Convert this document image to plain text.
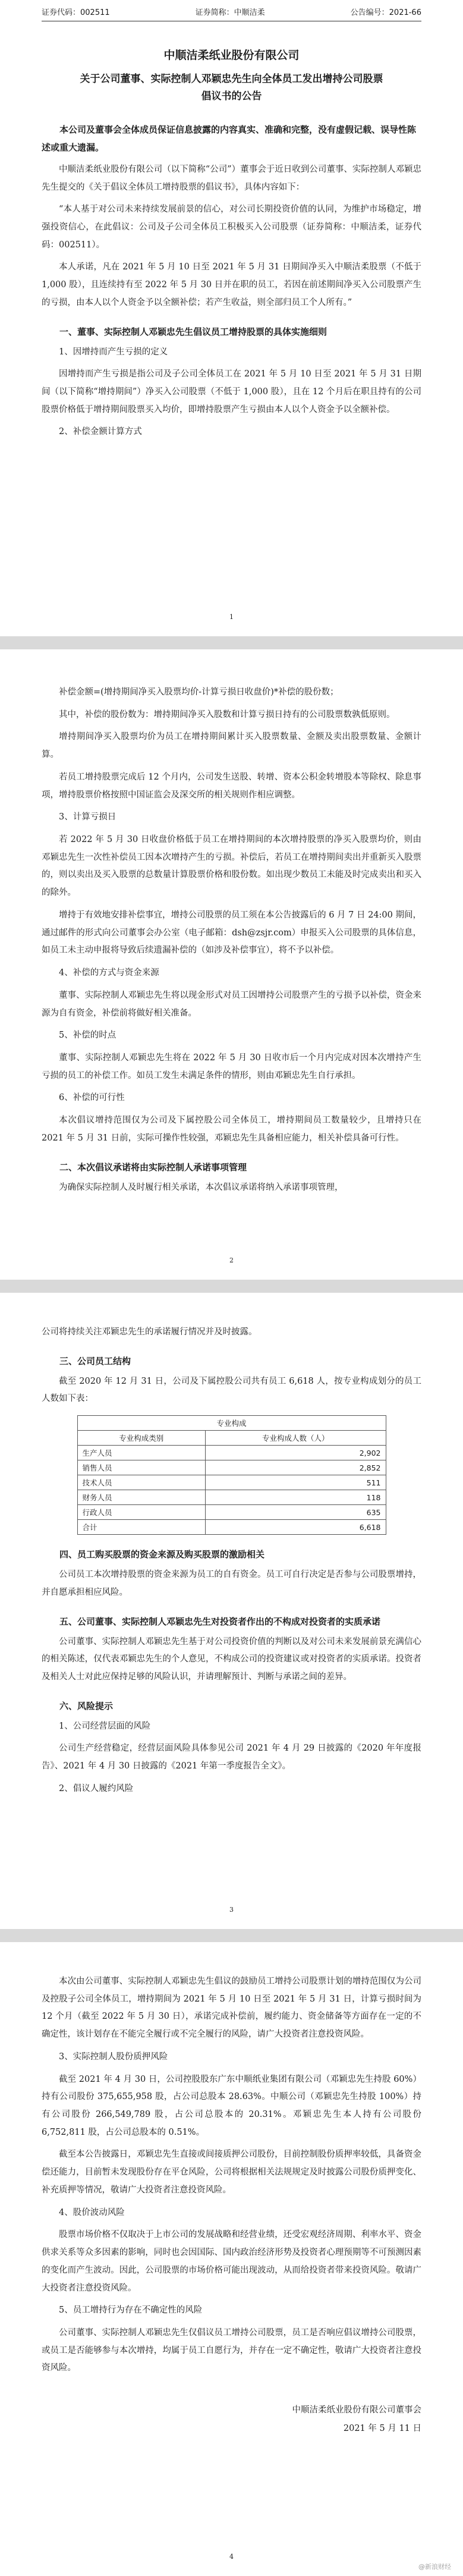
证券代码：002511	证券简称：中顺洁柔	公告编号：2021-66
中顺洁柔纸业股份有限公司
关于公司董事、实际控制人邓颖忠先生向全体员工发出增持公司股票
倡议书的公告
本公司及董事会全体成员保证信息披露的内容真实、准确和完整，没有虚假记载、误导性陈述或重大遗漏。

中顺洁柔纸业股份有限公司（以下简称“公司”）董事会于近日收到公司董事、实际控制人邓颖忠先生提交的《关于倡议全体员工增持股票的倡议书》，具体内容如下：

“本人基于对公司未来持续发展前景的信心，对公司长期投资价值的认同，为维护市场稳定，增强投资信心，在此倡议：公司及子公司全体员工积极买入公司股票（证券简称：中顺洁柔，证券代码：002511）。

本人承诺，凡在 2021 年 5 月 10 日至 2021 年 5 月 31 日期间净买入中顺洁柔股票（不低于 1,000 股），且连续持有至 2022 年 5 月 30 日并在职的员工，若因在前述期间净买入公司股票产生的亏损，由本人以个人资金予以全额补偿；若产生收益，则全部归员工个人所有。”

一、董事、实际控制人邓颖忠先生倡议员工增持股票的具体实施细则
1、因增持而产生亏损的定义

因增持而产生亏损是指公司及子公司全体员工在 2021 年 5 月 10 日至 2021 年 5 月 31 日期间（以下简称“增持期间”）净买入公司股票（不低于 1,000 股），且在 12 个月后在职且持有的公司股票价格低于增持期间股票买入均价，即增持股票产生亏损由本人以个人资金予以全额补偿。

2、补偿金额计算方式
1

补偿金额=(增持期间净买入股票均价-计算亏损日收盘价)*补偿的股份数；

其中，补偿的股份数为：增持期间净买入股数和计算亏损日持有的公司股票数孰低原则。

增持期间净买入股票均价为员工在增持期间累计买入股票数量、金额及卖出股票数量、金额计算。

若员工增持股票完成后 12 个月内，公司发生送股、转增、资本公积金转增股本等除权、除息事项，增持股票价格按照中国证监会及深交所的相关规则作相应调整。

3、计算亏损日

若 2022 年 5 月 30 日收盘价格低于员工在增持期间的本次增持股票的净买入股票均价，则由邓颖忠先生一次性补偿员工因本次增持产生的亏损。补偿后，若员工在增持期间卖出并重新买入股票的，则以卖出及买入股票的总数量计算股票价格和股份数。如出现少数员工未能及时完成卖出和买入的除外。

增持于有效地安排补偿事宜，增持公司股票的员工须在本公告披露后的 6 月 7 日 24:00 期间，通过邮件的形式向公司董事会办公室（电子邮箱：dsh@zsjr.com）申报买入公司股票的具体信息，如员工未主动申报将导致后续遗漏补偿的（如涉及补偿事宜），将不予以补偿。

4、补偿的方式与资金来源

董事、实际控制人邓颖忠先生将以现金形式对员工因增持公司股票产生的亏损予以补偿，资金来源为自有资金，补偿前将做好相关准备。

5、补偿的时点

董事、实际控制人邓颖忠先生将在 2022 年 5 月 30 日收市后一个月内完成对因本次增持产生亏损的员工的补偿工作。如员工发生未满足条件的情形，则由邓颖忠先生自行承担。

6、补偿的可行性

本次倡议增持范围仅为公司及下属控股公司全体员工，增持期间员工数量较少，且增持只在 2021 年 5 月 31 日前，实际可操作性较强，邓颖忠先生具备相应能力，相关补偿具备可行性。

二、本次倡议承诺将由实际控制人承诺事项管理

为确保实际控制人及时履行相关承诺，本次倡议承诺将纳入承诺事项管理，

2

公司将持续关注邓颖忠先生的承诺履行情况并及时披露。

三、公司员工结构

截至 2020 年 12 月 31 日，公司及下属控股公司共有员工 6,618 人，按专业构成划分的员工人数如下表：

专业构成	
专业构成类别	专业构成人数（人）
生产人员	2,902
销售人员	2,852
技术人员	511
财务人员	118
行政人员	635
合计	6,618
四、员工购买股票的资金来源及购买股票的激励相关

公司员工本次增持股票的资金来源为员工的自有资金。员工可自行决定是否参与公司股票增持，并自愿承担相应风险。

五、公司董事、实际控制人邓颖忠先生对投资者作出的不构成对投资者的实质承诺

公司董事、实际控制人邓颖忠先生基于对公司投资价值的判断以及对公司未来发展前景充满信心的相关陈述，仅代表邓颖忠先生的个人意见，不构成公司的投资建议或对投资者的实质承诺。投资者及相关人士对此应保持足够的风险认识，并请理解预计、判断与承诺之间的差异。

六、风险提示
1、公司经营层面的风险

公司生产经营稳定，经营层面风险具体参见公司 2021 年 4 月 29 日披露的《2020 年年度报告》、2021 年 4 月 30 日披露的《2021 年第一季度报告全文》。

2、倡议人履约风险
3

本次由公司董事、实际控制人邓颖忠先生倡议的鼓励员工增持公司股票计划的增持范围仅为公司及控股子公司全体员工，增持期间为 2021 年 5 月 10 日至 2021 年 5 月 31 日，计算亏损时间为 12 个月（截至 2022 年 5 月 30 日），承诺完成补偿前，履约能力、资金储备等方面存在一定的不确定性，该计划存在不能完全履行或不完全履行的风险，请广大投资者注意投资风险。

3、实际控制人股份质押风险

截至 2021 年 4 月 30 日，公司控股股东广东中顺纸业集团有限公司（邓颖忠先生持股 60%）持有公司股份 375,655,958 股，占公司总股本 28.63%。中顺公司（邓颖忠先生持股 100%）持有公司股份 266,549,789 股，占公司总股本的 20.31%。邓颖忠先生本人持有公司股份 6,752,811 股，占公司总股本的 0.51%。

截至本公告披露日，邓颖忠先生直接或间接质押公司股份，目前控制股份质押率较低，具备资金偿还能力，目前暂未发现股份存在平仓风险，公司将根据相关法规规定及时披露公司股份质押变化、补充质押等情况，敬请广大投资者注意投资风险。

4、股价波动风险

股票市场价格不仅取决于上市公司的发展战略和经营业绩，还受宏观经济周期、利率水平、资金供求关系等众多因素的影响，同时也会因国际、国内政治经济形势及投资者心理预期等不可预测因素的变化而产生波动。因此，公司股票的市场价格可能出现波动，从而给投资者带来投资风险。敬请广大投资者注意投资风险。

5、员工增持行为存在不确定性的风险

公司董事、实际控制人邓颖忠先生仅倡议员工增持公司股票，员工是否响应倡议增持公司股票，或员工是否能够参与本次增持，均属于员工自愿行为，并存在一定不确定性，敬请广大投资者注意投资风险。

中顺洁柔纸业股份有限公司董事会
2021 年 5 月 11 日
4
@新浪财经
